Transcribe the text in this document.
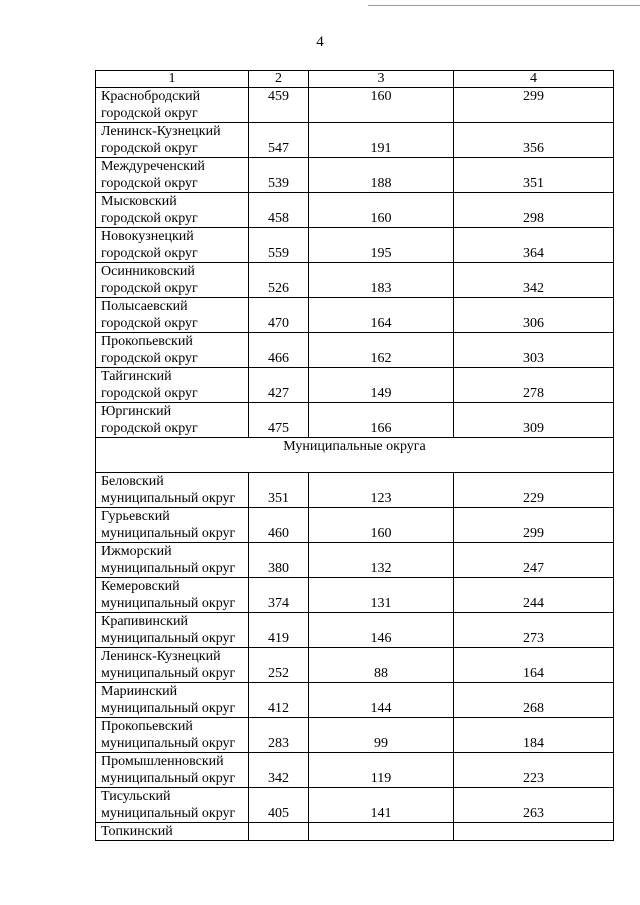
4
1	2	3	4

Краснобродский
городской округ	459	160	299

Ленинск-Кузнецкий
городской округ	547	191	356

Междуреченский
городской округ	539	188	351

Мысковский
городской округ	458	160	298

Новокузнецкий
городской округ	559	195	364

Осинниковский
городской округ	526	183	342

Полысаевский
городской округ	470	164	306

Прокопьевский
городской округ	466	162	303

Тайгинский
городской округ	427	149	278

Юргинский
городской округ	475	166	309
Муниципальные округа			

Беловский
муниципальный округ	351	123	229

Гурьевский
муниципальный округ	460	160	299

Ижморский
муниципальный округ	380	132	247

Кемеровский
муниципальный округ	374	131	244

Крапивинский
муниципальный округ	419	146	273

Ленинск-Кузнецкий
муниципальный округ	252	88	164

Мариинский
муниципальный округ	412	144	268

Прокопьевский
муниципальный округ	283	99	184

Промышленновский
муниципальный округ	342	119	223

Тисульский
муниципальный округ	405	141	263
Топкинский			
